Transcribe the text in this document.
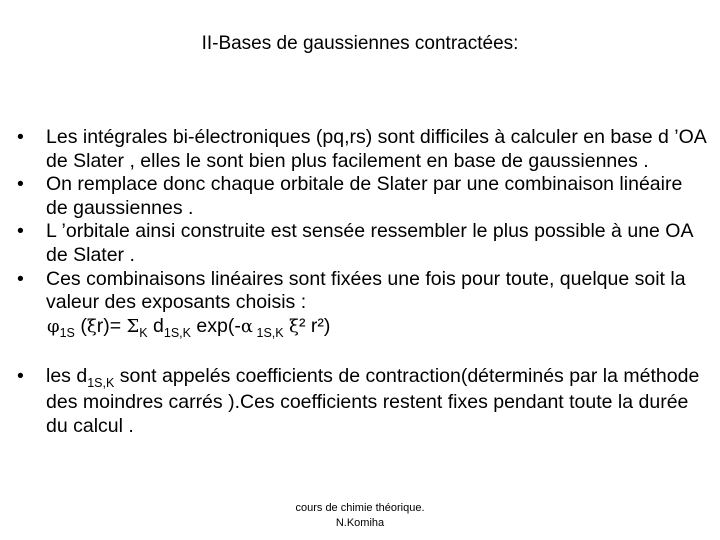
II-Bases de gaussiennes contractées:
• Les intégrales bi-électroniques (pq,rs) sont difficiles à calculer en base d ’OA de Slater , elles le sont bien plus facilement en base de gaussiennes .
• On remplace donc chaque orbitale de Slater par une combinaison linéaire de gaussiennes .
• L ’orbitale ainsi construite est sensée ressembler le plus possible à une OA de Slater .
• Ces combinaisons linéaires sont fixées une fois pour toute, quelque soit la valeur des exposants choisis :
$\varphi_{1S}$ $(\xi r)= \Sigma_K$ $d_{1S,K}$ exp(-α $_{1S,K}$ ξ² r²)
• les $d_{1S,K}$ sont appelés coefficients de contraction(déterminés par la méthode des moindres carrés ).Ces coefficients restent fixes pendant toute la durée du calcul .
cours de chimie théorique.
N.Komiha
